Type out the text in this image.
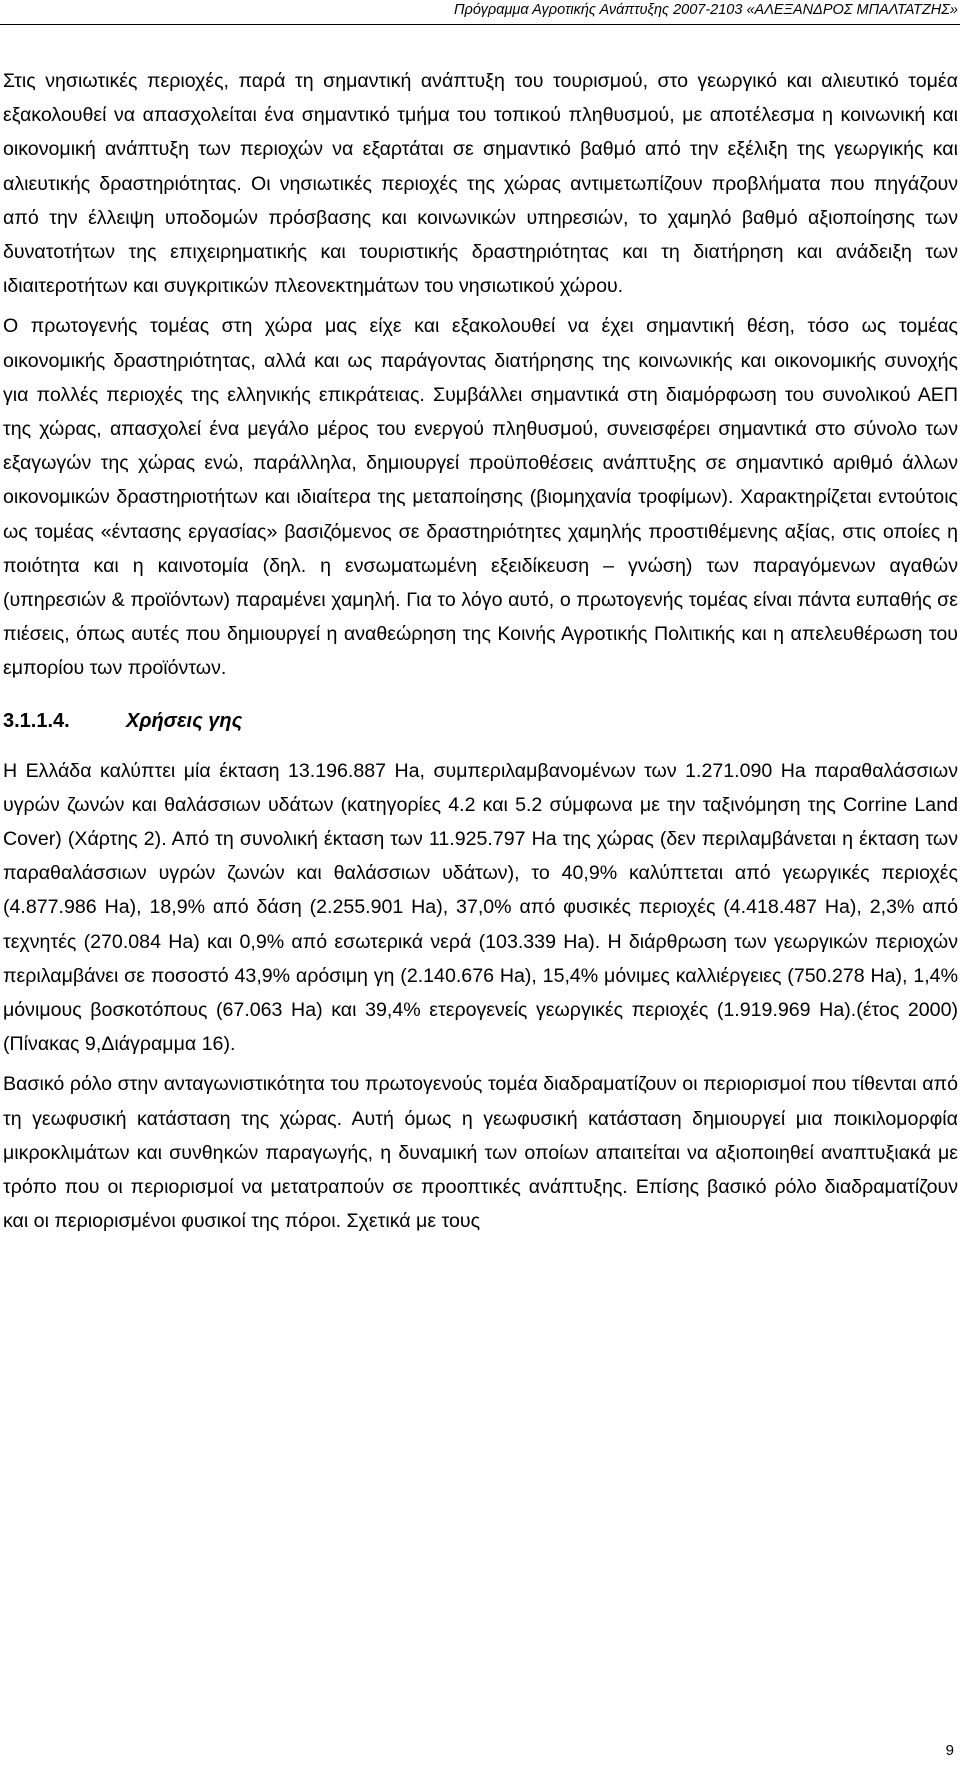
Πρόγραμμα Αγροτικής Ανάπτυξης 2007-2103 «ΑΛΕΞΑΝΔΡΟΣ ΜΠΑΛΤΑΤΖΗΣ»

Στις νησιωτικές περιοχές, παρά τη σημαντική ανάπτυξη του τουρισμού, στο γεωργικό και αλιευτικό τομέα εξακολουθεί να απασχολείται ένα σημαντικό τμήμα του τοπικού πληθυσμού, με αποτέλεσμα η κοινωνική και οικονομική ανάπτυξη των περιοχών να εξαρτάται σε σημαντικό βαθμό από την εξέλιξη της γεωργικής και αλιευτικής δραστηριότητας. Οι νησιωτικές περιοχές της χώρας αντιμετωπίζουν προβλήματα που πηγάζουν από την έλλειψη υποδομών πρόσβασης και κοινωνικών υπηρεσιών, το χαμηλό βαθμό αξιοποίησης των δυνατοτήτων της επιχειρηματικής και τουριστικής δραστηριότητας και τη διατήρηση και ανάδειξη των ιδιαιτεροτήτων και συγκριτικών πλεονεκτημάτων του νησιωτικού χώρου.

Ο πρωτογενής τομέας στη χώρα μας είχε και εξακολουθεί να έχει σημαντική θέση, τόσο ως τομέας οικονομικής δραστηριότητας, αλλά και ως παράγοντας διατήρησης της κοινωνικής και οικονομικής συνοχής για πολλές περιοχές της ελληνικής επικράτειας. Συμβάλλει σημαντικά στη διαμόρφωση του συνολικού ΑΕΠ της χώρας, απασχολεί ένα μεγάλο μέρος του ενεργού πληθυσμού, συνεισφέρει σημαντικά στο σύνολο των εξαγωγών της χώρας ενώ, παράλληλα, δημιουργεί προϋποθέσεις ανάπτυξης σε σημαντικό αριθμό άλλων οικονομικών δραστηριοτήτων και ιδιαίτερα της μεταποίησης (βιομηχανία τροφίμων). Χαρακτηρίζεται εντούτοις ως τομέας «έντασης εργασίας» βασιζόμενος σε δραστηριότητες χαμηλής προστιθέμενης αξίας, στις οποίες η ποιότητα και η καινοτομία (δηλ. η ενσωματωμένη εξειδίκευση – γνώση) των παραγόμενων αγαθών (υπηρεσιών & προϊόντων) παραμένει χαμηλή. Για το λόγο αυτό, ο πρωτογενής τομέας είναι πάντα ευπαθής σε πιέσεις, όπως αυτές που δημιουργεί η αναθεώρηση της Κοινής Αγροτικής Πολιτικής και η απελευθέρωση του εμπορίου των προϊόντων.

3.1.1.4.	Χρήσεις γης

Η Ελλάδα καλύπτει μία έκταση 13.196.887 Ha, συμπεριλαμβανομένων των 1.271.090 Ha παραθαλάσσιων υγρών ζωνών και θαλάσσιων υδάτων (κατηγορίες 4.2 και 5.2 σύμφωνα με την ταξινόμηση της Corrine Land Cover) (Χάρτης 2). Από τη συνολική έκταση των 11.925.797 Ha της χώρας (δεν περιλαμβάνεται η έκταση των παραθαλάσσιων υγρών ζωνών και θαλάσσιων υδάτων), το 40,9% καλύπτεται από γεωργικές περιοχές (4.877.986 Ha), 18,9% από δάση (2.255.901 Ha), 37,0% από φυσικές περιοχές (4.418.487 Ha), 2,3% από τεχνητές (270.084 Ha) και 0,9% από εσωτερικά νερά (103.339 Ha). Η διάρθρωση των γεωργικών περιοχών περιλαμβάνει σε ποσοστό 43,9% αρόσιμη γη (2.140.676 Ha), 15,4% μόνιμες καλλιέργειες (750.278 Ha), 1,4% μόνιμους βοσκοτόπους (67.063 Ha) και 39,4% ετερογενείς γεωργικές περιοχές (1.919.969 Ha).(έτος 2000) (Πίνακας 9,Διάγραμμα 16).

Βασικό ρόλο στην ανταγωνιστικότητα του πρωτογενούς τομέα διαδραματίζουν οι περιορισμοί που τίθενται από τη γεωφυσική κατάσταση της χώρας. Αυτή όμως η γεωφυσική κατάσταση δημιουργεί μια ποικιλομορφία μικροκλιμάτων και συνθηκών παραγωγής, η δυναμική των οποίων απαιτείται να αξιοποιηθεί αναπτυξιακά με τρόπο που οι περιορισμοί να μετατραπούν σε προοπτικές ανάπτυξης. Επίσης βασικό ρόλο διαδραματίζουν και οι περιορισμένοι φυσικοί της πόροι. Σχετικά με τους

9
